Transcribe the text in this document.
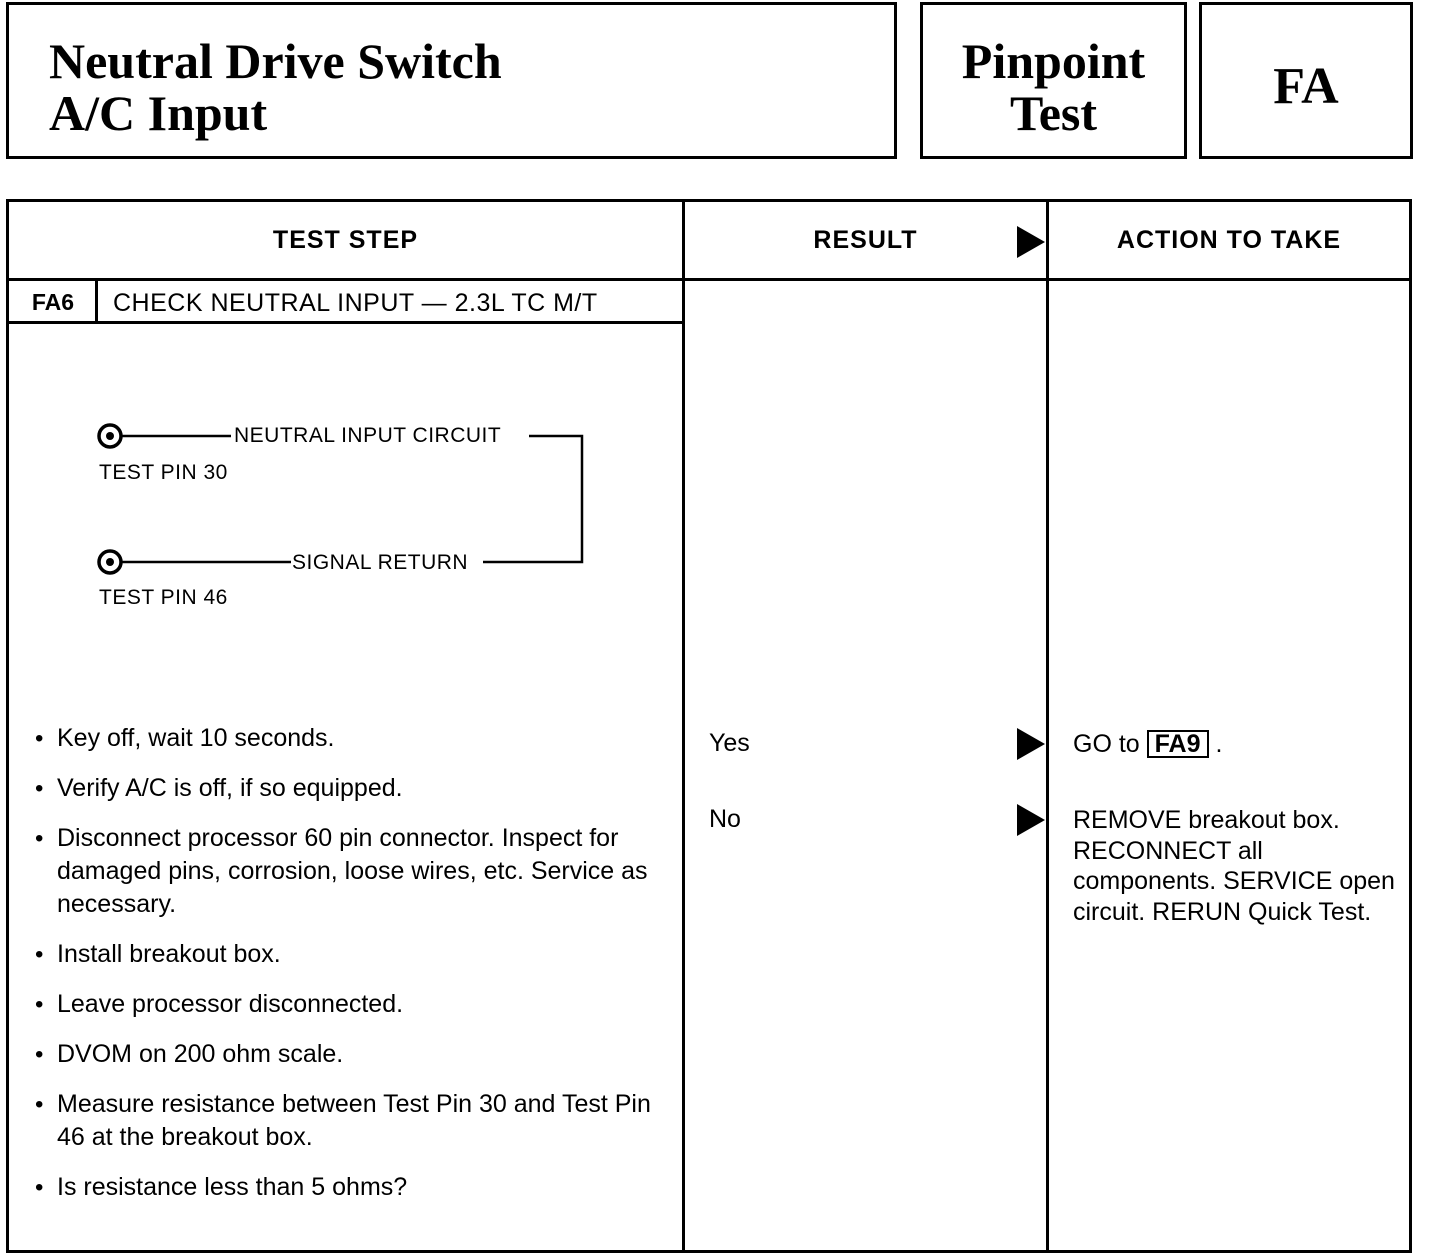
Neutral Drive Switch
A/C Input
Pinpoint
Test	FA
TEST STEP	RESULT	ACTION TO TAKE
FA6	CHECK NEUTRAL INPUT — 2.3L TC M/T
NEUTRAL INPUT CIRCUIT
TEST PIN 30
SIGNAL RETURN
TEST PIN 46
• Key off, wait 10 seconds.
• Verify A/C is off, if so equipped.
• Disconnect processor 60 pin connector. Inspect for damaged pins, corrosion, loose wires, etc. Service as necessary.
• Install breakout box.
• Leave processor disconnected.
• DVOM on 200 ohm scale.
• Measure resistance between Test Pin 30 and Test Pin 46 at the breakout box.
• Is resistance less than 5 ohms?
Yes	GO to FA9 .
No	REMOVE breakout box. RECONNECT all components. SERVICE open circuit. RERUN Quick Test.
